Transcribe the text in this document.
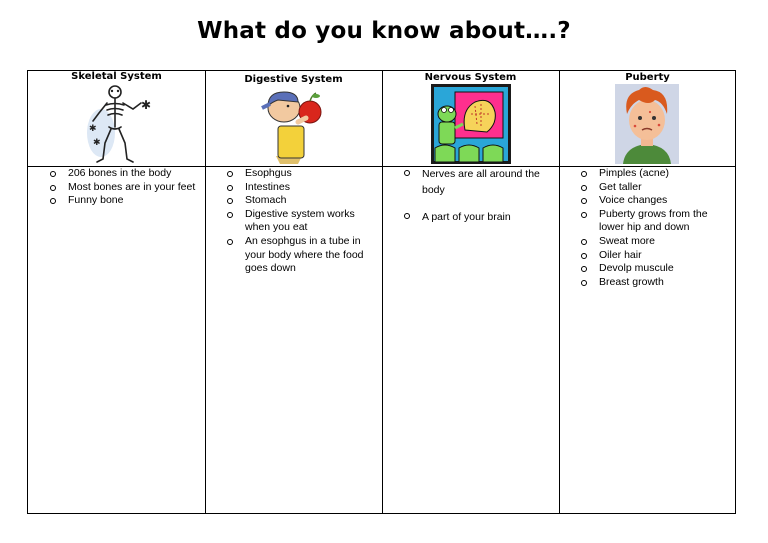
What do you know about….?
Skeletal System
✱
✱
✱
206 bones in the body
Most bones are in your feet
Funny bone
Digestive System
Esophgus
Intestines
Stomach
Digestive system works when you eat
An esophgus in a tube in your body where the food goes down
Nervous System
Nerves are all around the body
A part of your brain
Puberty
Pimples (acne)
Get taller
Voice changes
Puberty grows from the lower hip and down
Sweat more
Oiler hair
Devolp muscule
Breast growth
